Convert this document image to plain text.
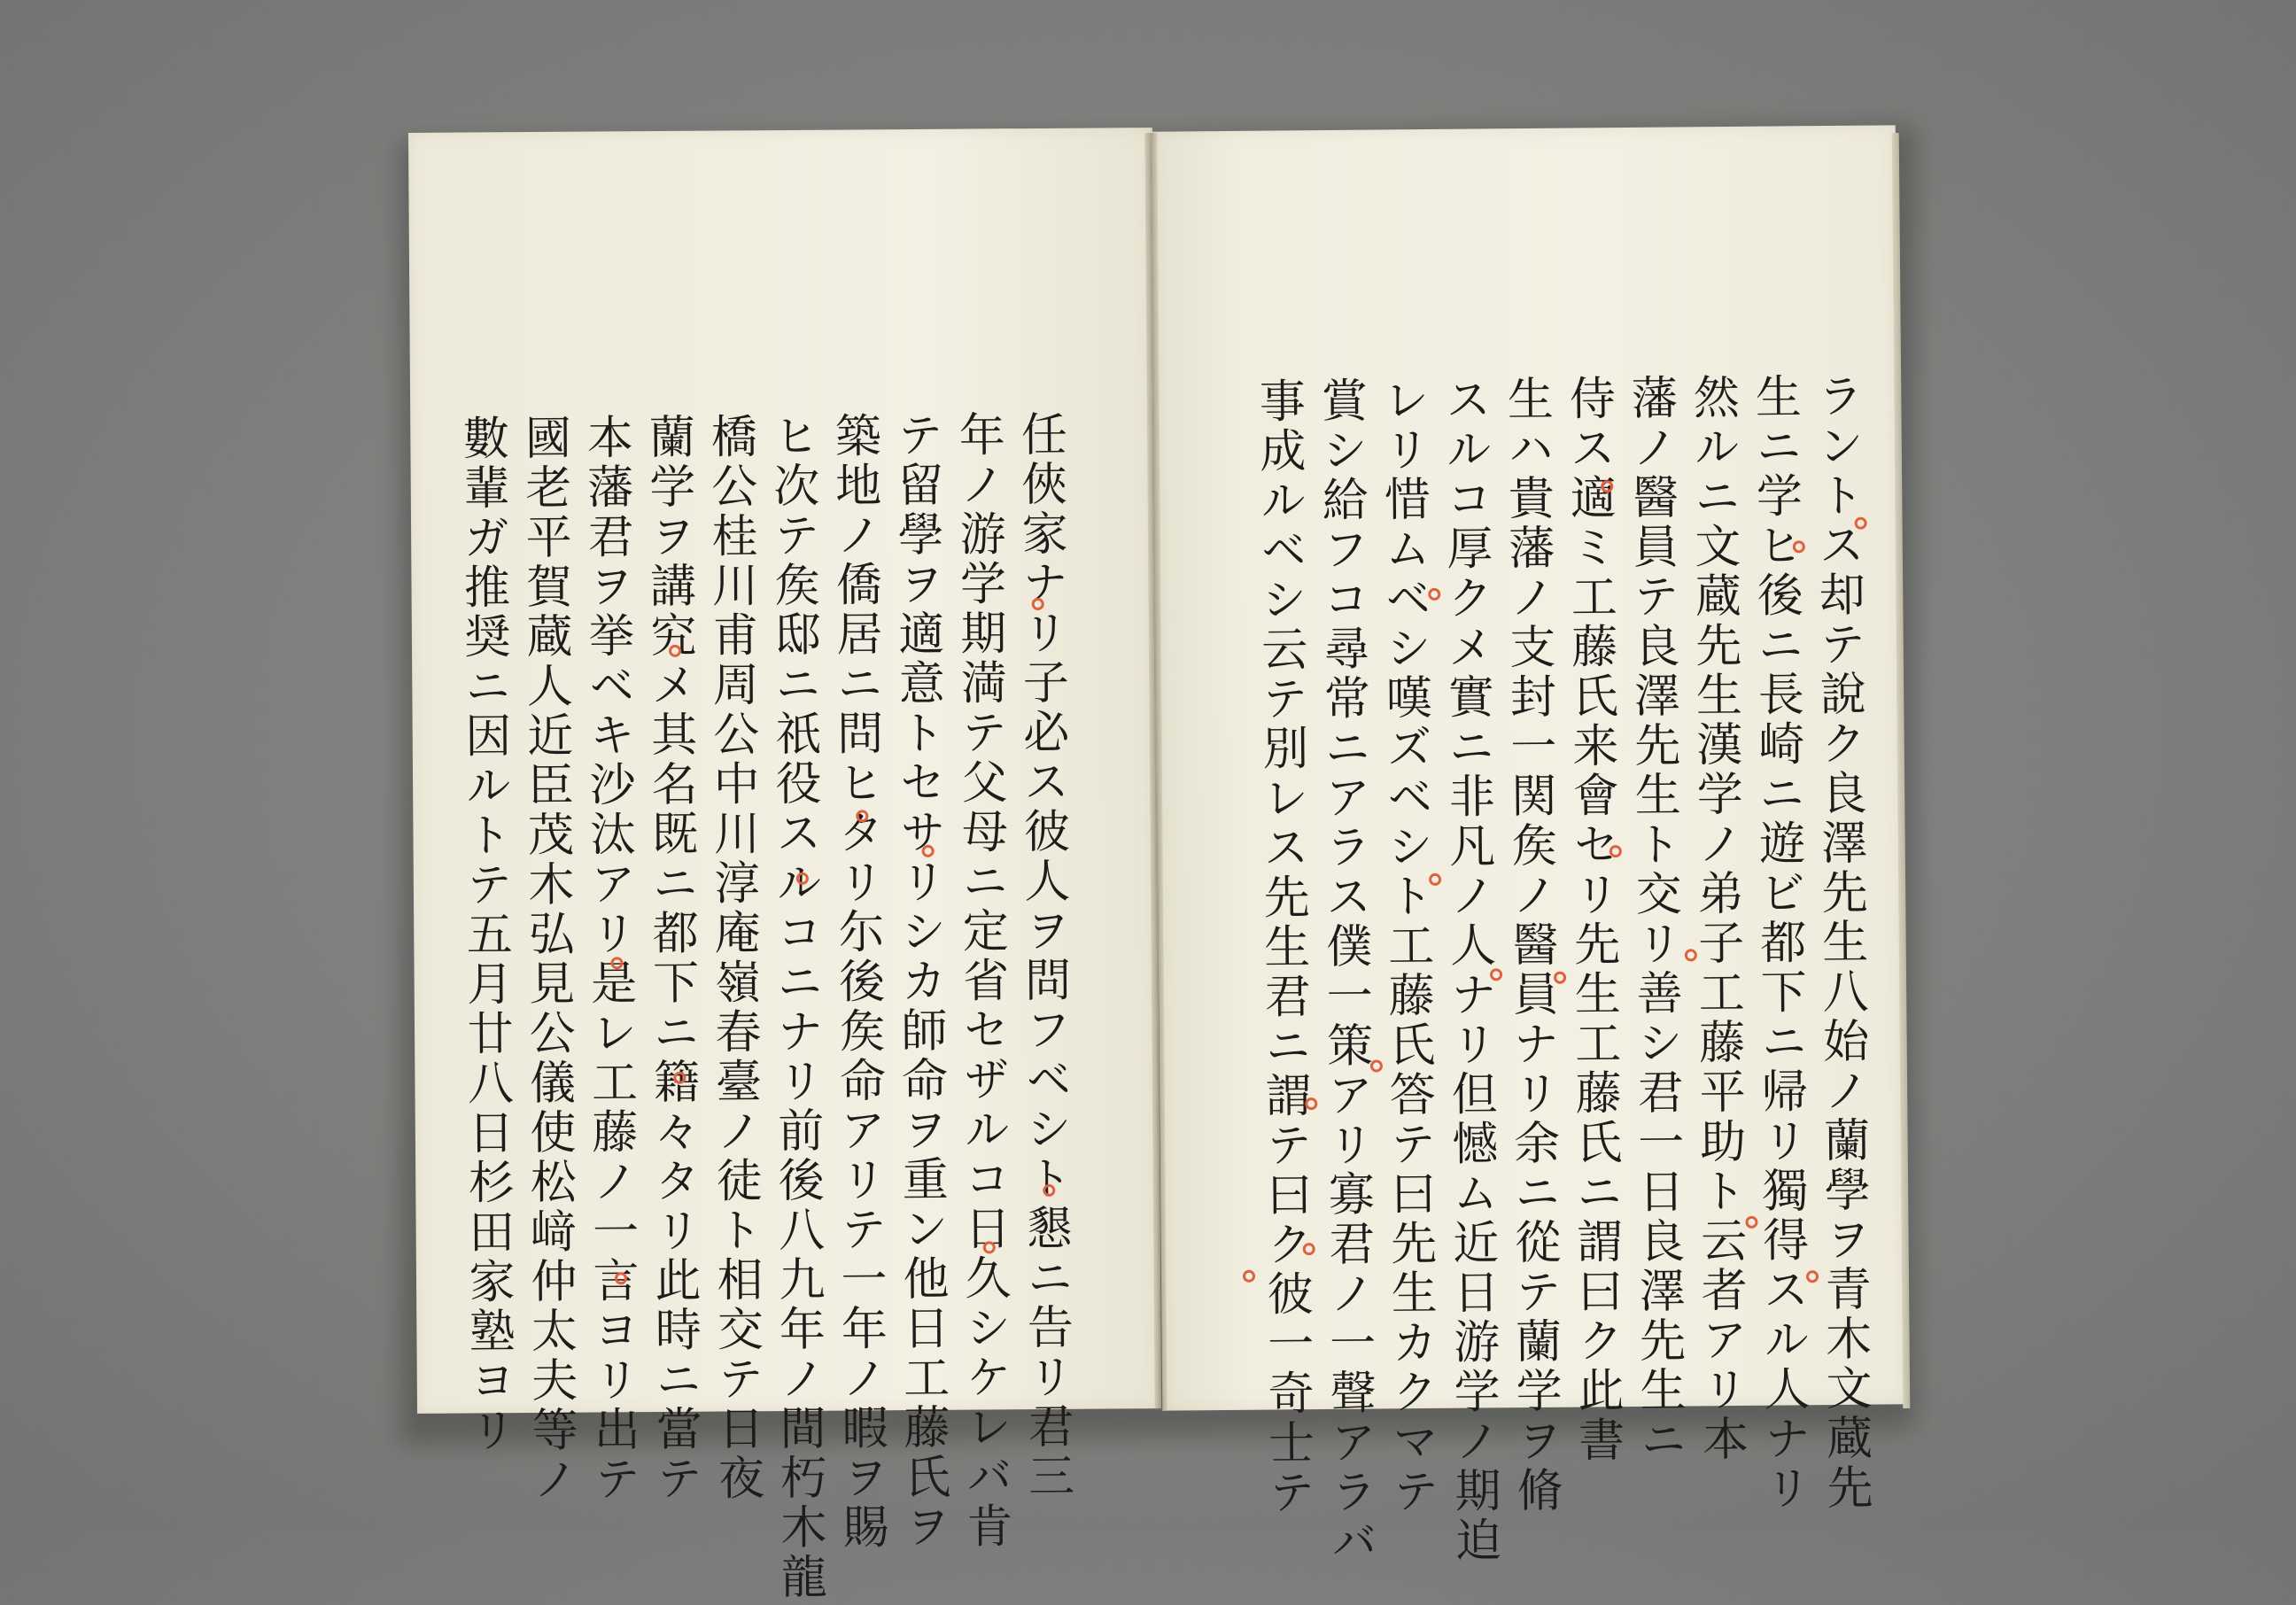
任俠家ナリ子必ス彼人ヲ問フベシト懇ニ告リ君三
年ノ游学期満テ父母ニ定省セザルコ日久シケレバ肯
テ留學ヲ適意トセサリシカ師命ヲ重ン他日工藤氏ヲ
築地ノ僑居ニ問ヒタリ尓後矦命アリテ一年ノ暇ヲ賜
ヒ次テ矦邸ニ祇役スルコニナリ前後八九年ノ間朽木龍
橋公桂川甫周公中川淳庵嶺春臺ノ徒ト相交テ日夜
蘭学ヲ講究メ其名既ニ都下ニ籍々タリ此時ニ當テ
本藩君ヲ挙ベキ沙汰アリ是レ工藤ノ一言ヨリ出テ
國老平賀蔵人近臣茂木弘見公儀使松﨑仲太夫等ノ
數輩ガ推奨ニ因ルトテ五月廿八日杉田家塾ヨリ	ラントス却テ說ク良澤先生八始ノ蘭學ヲ青木文蔵先
生ニ学ヒ後ニ長崎ニ遊ビ都下ニ帰リ獨得スル人ナリ
然ルニ文蔵先生漢学ノ弟子工藤平助ト云者アリ本
藩ノ醫員テ良澤先生ト交リ善シ君一日良澤先生ニ
侍ス適ミ工藤氏来會セリ先生工藤氏ニ謂曰ク此書
生ハ貴藩ノ支封一関矦ノ醫員ナリ余ニ從テ蘭学ヲ脩
スルコ厚クメ實ニ非凡ノ人ナリ但憾ム近日游学ノ期迫
レリ惜ムベシ嘆ズベシト工藤氏答テ曰先生カクマテ
賞シ給フコ尋常ニアラス僕一策アリ寡君ノ一聲アラバ
事成ルベシ云テ別レス先生君ニ謂テ曰ク彼一奇士テ
